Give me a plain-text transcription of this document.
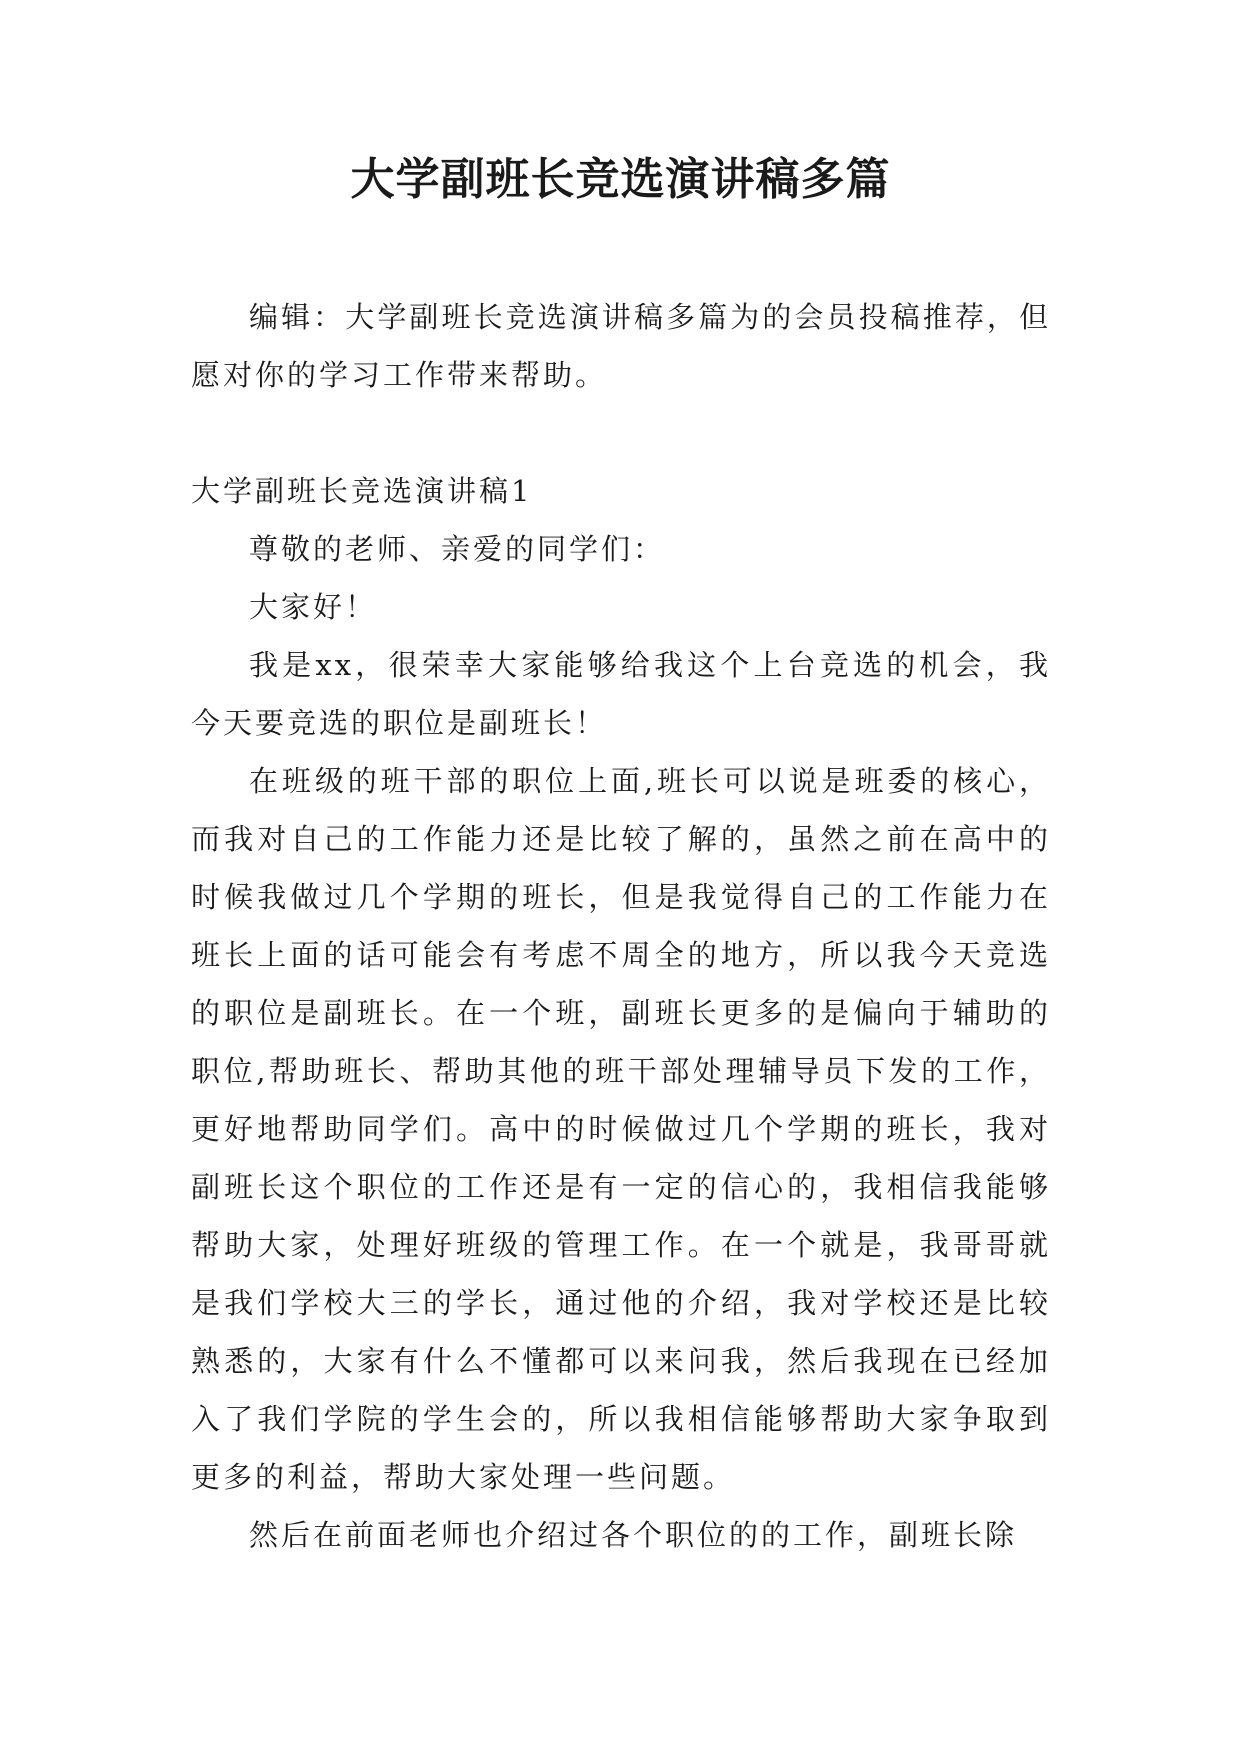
大学副班长竞选演讲稿多篇

编辑：大学副班长竞选演讲稿多篇为的会员投稿推荐，但愿对你的学习工作带来帮助。

大学副班长竞选演讲稿1

尊敬的老师、亲爱的同学们：

大家好！

我是xx，很荣幸大家能够给我这个上台竞选的机会，我今天要竞选的职位是副班长！

在班级的班干部的职位上面,班长可以说是班委的核心，而我对自己的工作能力还是比较了解的，虽然之前在高中的时候我做过几个学期的班长，但是我觉得自己的工作能力在班长上面的话可能会有考虑不周全的地方，所以我今天竞选的职位是副班长。在一个班，副班长更多的是偏向于辅助的职位,帮助班长、帮助其他的班干部处理辅导员下发的工作，更好地帮助同学们。高中的时候做过几个学期的班长，我对副班长这个职位的工作还是有一定的信心的，我相信我能够帮助大家，处理好班级的管理工作。在一个就是，我哥哥就是我们学校大三的学长，通过他的介绍，我对学校还是比较熟悉的，大家有什么不懂都可以来问我，然后我现在已经加入了我们学院的学生会的，所以我相信能够帮助大家争取到更多的利益，帮助大家处理一些问题。

然后在前面老师也介绍过各个职位的的工作，副班长除
